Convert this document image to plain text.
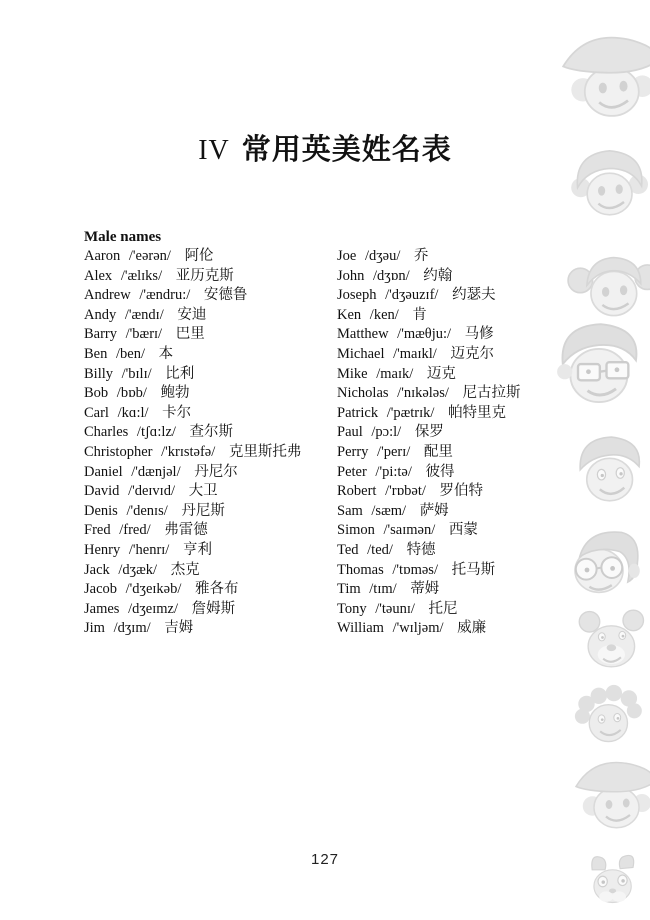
IV 常用英美姓名表
Male names
Aaron /'eərən/ 阿伦
Alex /'ælɪks/ 亚历克斯
Andrew /'ændru:/ 安德鲁
Andy /'ændɪ/ 安迪
Barry /'bærɪ/ 巴里
Ben /ben/ 本
Billy /'bɪlɪ/ 比利
Bob /bɒb/ 鲍勃
Carl /kɑ:l/ 卡尔
Charles /tʃɑ:lz/ 查尔斯
Christopher /'krɪstəfə/ 克里斯托弗
Daniel /'dænjəl/ 丹尼尔
David /'deɪvɪd/ 大卫
Denis /'denɪs/ 丹尼斯
Fred /fred/ 弗雷德
Henry /'henrɪ/ 亨利
Jack /dʒæk/ 杰克
Jacob /'dʒeɪkəb/ 雅各布
James /dʒeɪmz/ 詹姆斯
Jim /dʒɪm/ 吉姆
Joe /dʒəu/ 乔
John /dʒɒn/ 约翰
Joseph /'dʒəuzɪf/ 约瑟夫
Ken /ken/ 肯
Matthew /'mæθju:/ 马修
Michael /'maɪkl/ 迈克尔
Mike /maɪk/ 迈克
Nicholas /'nɪkələs/ 尼古拉斯
Patrick /'pætrɪk/ 帕特里克
Paul /pɔ:l/ 保罗
Perry /'perɪ/ 配里
Peter /'pi:tə/ 彼得
Robert /'rɒbət/ 罗伯特
Sam /sæm/ 萨姆
Simon /'saɪmən/ 西蒙
Ted /ted/ 特德
Thomas /'tɒməs/ 托马斯
Tim /tɪm/ 蒂姆
Tony /'təunɪ/ 托尼
William /'wɪljəm/ 威廉
127
